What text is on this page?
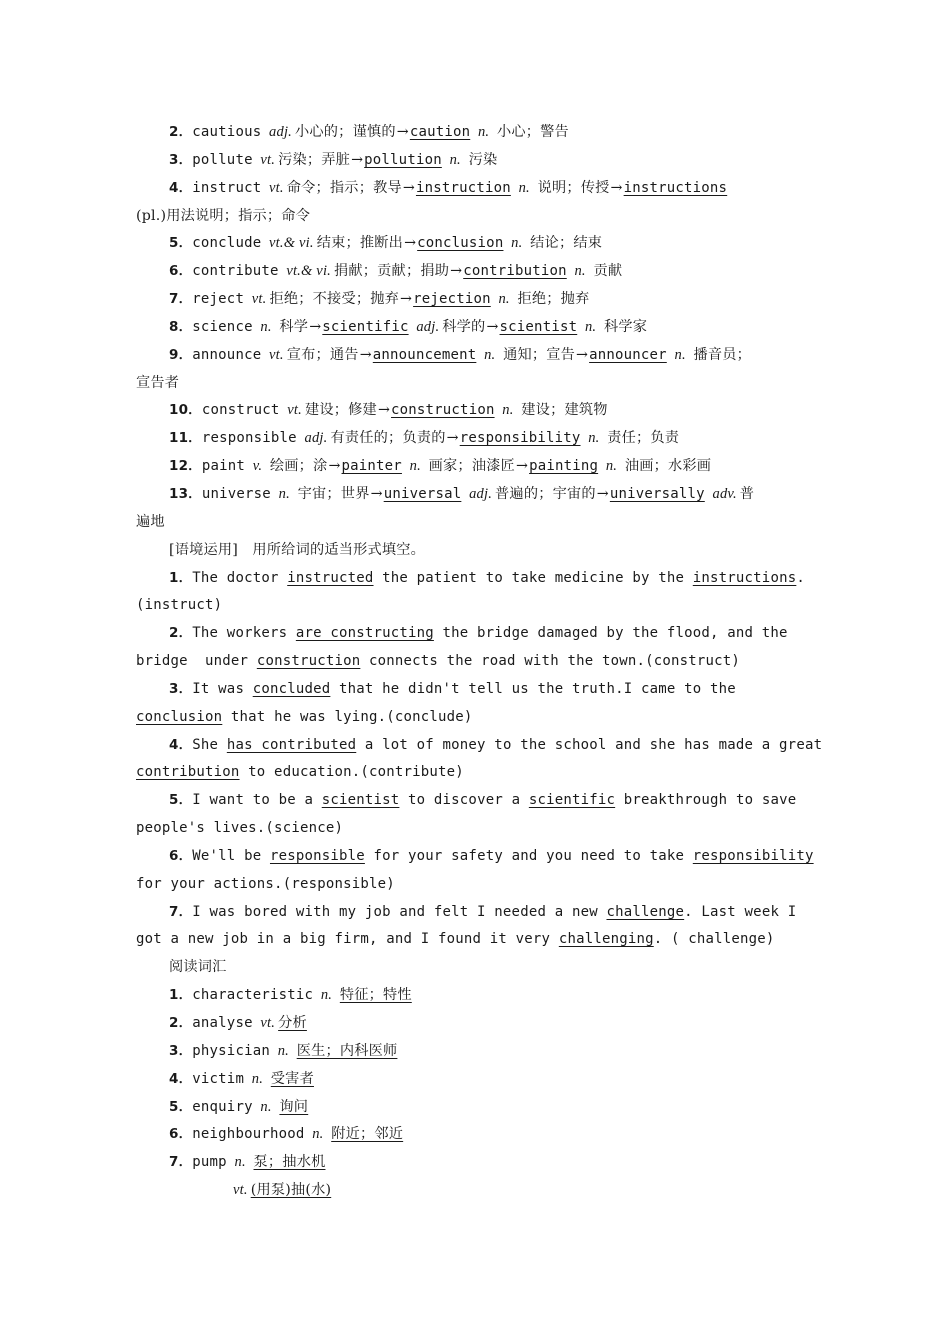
2．cautious adj. 小心的；谨慎的→caution n. 小心；警告
3．pollute vt. 污染；弄脏→pollution n. 污染
4．instruct vt. 命令；指示；教导→instruction n. 说明；传授→instructions
(pl.)用法说明；指示；命令
5．conclude vt.& vi. 结束；推断出→conclusion n. 结论；结束
6．contribute vt.& vi. 捐献；贡献；捐助→contribution n. 贡献
7．reject vt. 拒绝；不接受；抛弃→rejection n. 拒绝；抛弃
8．science n. 科学→scientific adj. 科学的→scientist n. 科学家
9．announce vt. 宣布；通告→announcement n. 通知；宣告→announcer n. 播音员；
宣告者
10．construct vt. 建设；修建→construction n. 建设；建筑物
11．responsible adj. 有责任的；负责的→responsibility n. 责任；负责
12．paint v. 绘画；涂→painter n. 画家；油漆匠→painting n. 油画；水彩画
13．universe n. 宇宙；世界→universal adj. 普遍的；宇宙的→universally adv. 普
遍地
[语境运用]　用所给词的适当形式填空。
1．The doctor instructed the patient to take medicine by the instructions.
(instruct)
2．The workers are constructing the bridge damaged by the flood, and the
bridge  under construction connects the road with the town.(construct)
3．It was concluded that he didn't tell us the truth.I came to the
conclusion that he was lying.(conclude)
4．She has contributed a lot of money to the school and she has made a great
contribution to education.(contribute)
5．I want to be a scientist to discover a scientific breakthrough to save
people's lives.(science)
6．We'll be responsible for your safety and you need to take responsibility
for your actions.(responsible)
7．I was bored with my job and felt I needed a new challenge. Last week I
got a new job in a big firm, and I found it very challenging. ( challenge)
阅读词汇
1．characteristic n. 特征；特性
2．analyse vt. 分析
3．physician n. 医生；内科医师
4．victim n. 受害者
5．enquiry n. 询问
6．neighbourhood n. 附近；邻近
7．pump n. 泵；抽水机
vt. (用泵)抽(水)
